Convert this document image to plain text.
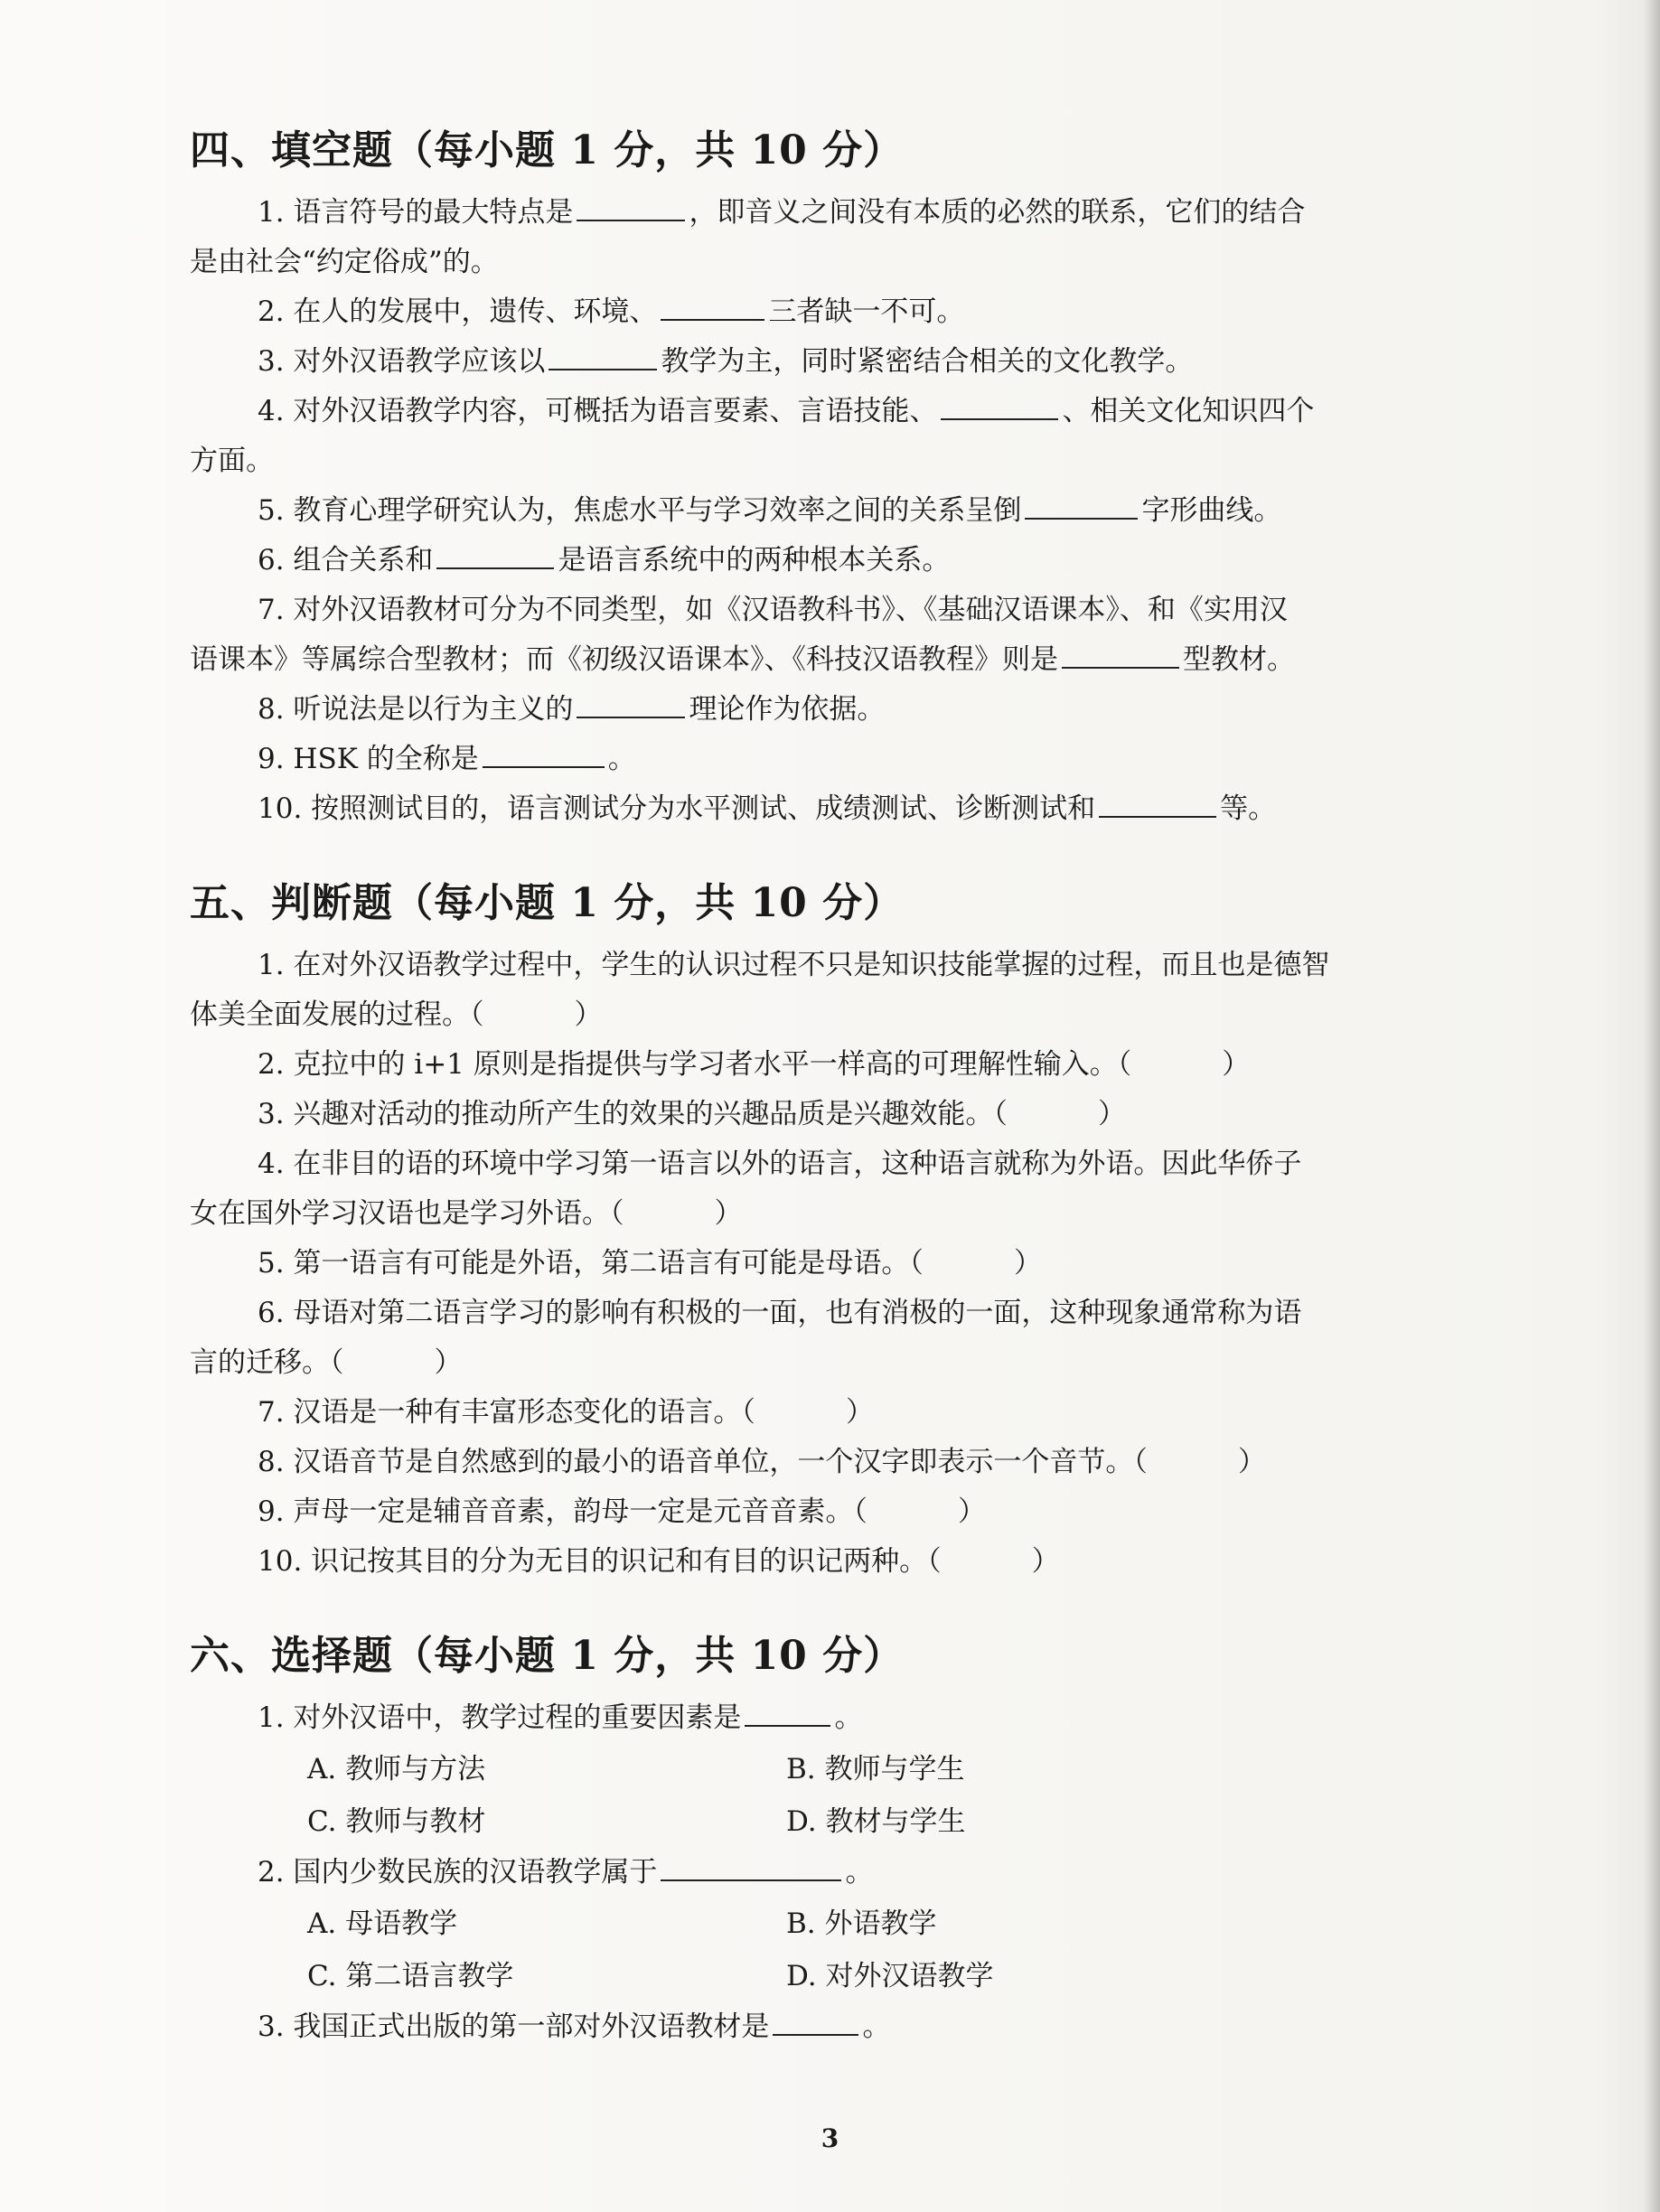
四、填空题（每小题 1 分，共 10 分）

1. 语言符号的最大特点是	，即音义之间没有本质的必然的联系，它们的结合

是由社会“约定俗成”的。

2. 在人的发展中，遗传、环境、	三者缺一不可。

3. 对外汉语教学应该以	教学为主，同时紧密结合相关的文化教学。

4. 对外汉语教学内容，可概括为语言要素、言语技能、	、相关文化知识四个

方面。

5. 教育心理学研究认为，焦虑水平与学习效率之间的关系呈倒	字形曲线。

6. 组合关系和	是语言系统中的两种根本关系。

7. 对外汉语教材可分为不同类型，如《汉语教科书》、《基础汉语课本》、和《实用汉

语课本》等属综合型教材；而《初级汉语课本》、《科技汉语教程》则是	型教材。

8. 听说法是以行为主义的	理论作为依据。

9. HSK 的全称是	。

10. 按照测试目的，语言测试分为水平测试、成绩测试、诊断测试和	等。

五、判断题（每小题 1 分，共 10 分）

1. 在对外汉语教学过程中，学生的认识过程不只是知识技能掌握的过程，而且也是德智

体美全面发展的过程。（	）

2. 克拉中的 i+1 原则是指提供与学习者水平一样高的可理解性输入。（	）

3. 兴趣对活动的推动所产生的效果的兴趣品质是兴趣效能。（	）

4. 在非目的语的环境中学习第一语言以外的语言，这种语言就称为外语。因此华侨子

女在国外学习汉语也是学习外语。（	）

5. 第一语言有可能是外语，第二语言有可能是母语。（	）

6. 母语对第二语言学习的影响有积极的一面，也有消极的一面，这种现象通常称为语

言的迁移。（	）

7. 汉语是一种有丰富形态变化的语言。（	）

8. 汉语音节是自然感到的最小的语音单位，一个汉字即表示一个音节。（	）

9. 声母一定是辅音音素，韵母一定是元音音素。（	）

10. 识记按其目的分为无目的识记和有目的识记两种。（	）

六、选择题（每小题 1 分，共 10 分）

1. 对外汉语中，教学过程的重要因素是	。

A. 教师与方法	B. 教师与学生
C. 教师与教材	D. 教材与学生

2. 国内少数民族的汉语教学属于	。

A. 母语教学	B. 外语教学
C. 第二语言教学	D. 对外汉语教学

3. 我国正式出版的第一部对外汉语教材是	。

3
